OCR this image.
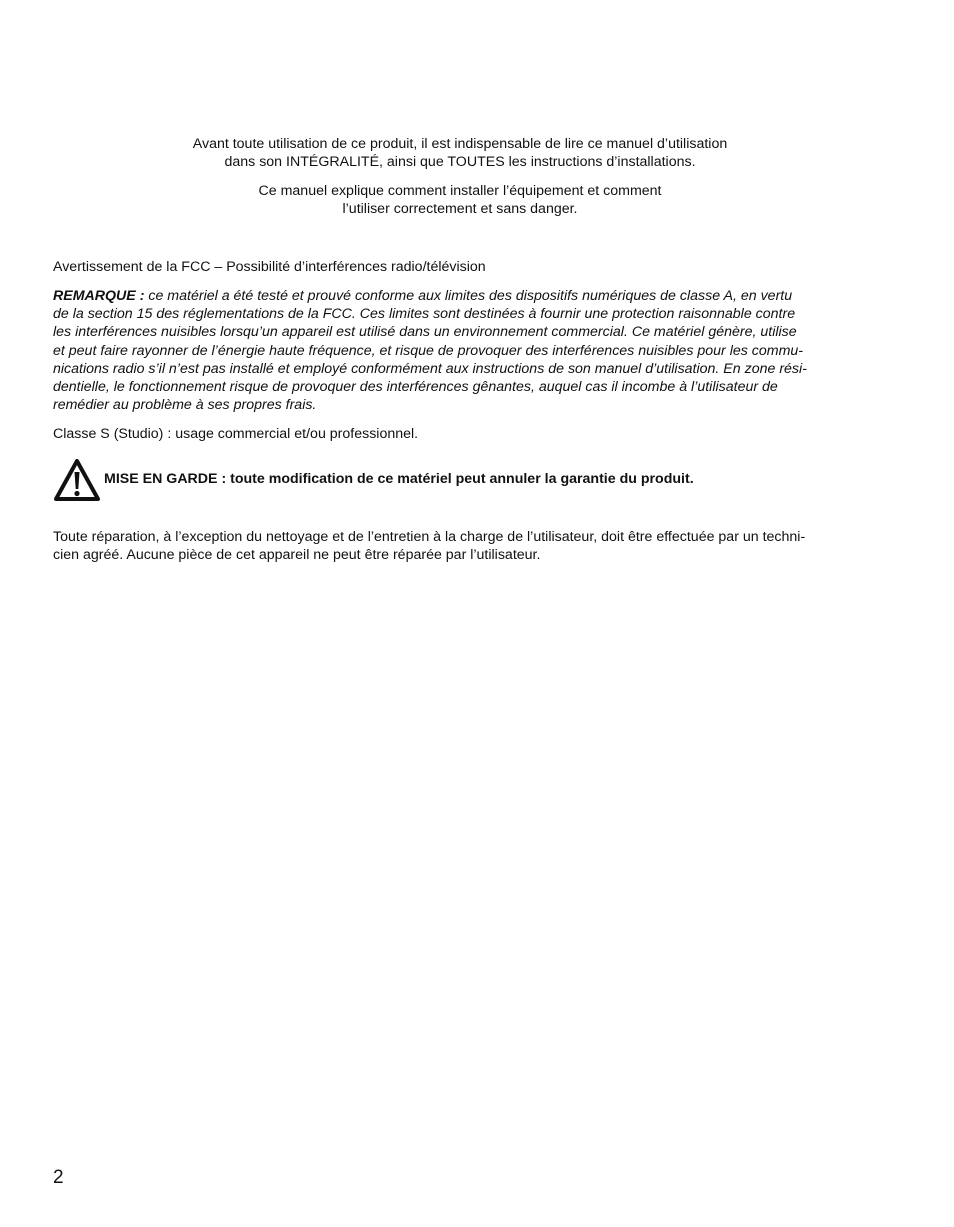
Avant toute utilisation de ce produit, il est indispensable de lire ce manuel d’utilisation
dans son INTÉGRALITÉ, ainsi que TOUTES les instructions d’installations.
Ce manuel explique comment installer l’équipement et comment
l’utiliser correctement et sans danger.
Avertissement de la FCC – Possibilité d’interférences radio/télévision
REMARQUE : ce matériel a été testé et prouvé conforme aux limites des dispositifs numériques de classe A, en vertu
de la section 15 des réglementations de la FCC. Ces limites sont destinées à fournir une protection raisonnable contre
les interférences nuisibles lorsqu’un appareil est utilisé dans un environnement commercial. Ce matériel génère, utilise
et peut faire rayonner de l’énergie haute fréquence, et risque de provoquer des interférences nuisibles pour les commu-
nications radio s’il n’est pas installé et employé conformément aux instructions de son manuel d’utilisation. En zone rési-
dentielle, le fonctionnement risque de provoquer des interférences gênantes, auquel cas il incombe à l’utilisateur de
remédier au problème à ses propres frais.
Classe S (Studio) : usage commercial et/ou professionnel.
MISE EN GARDE : toute modification de ce matériel peut annuler la garantie du produit.
Toute réparation, à l’exception du nettoyage et de l’entretien à la charge de l’utilisateur, doit être effectuée par un techni-
cien agréé. Aucune pièce de cet appareil ne peut être réparée par l’utilisateur.
2
